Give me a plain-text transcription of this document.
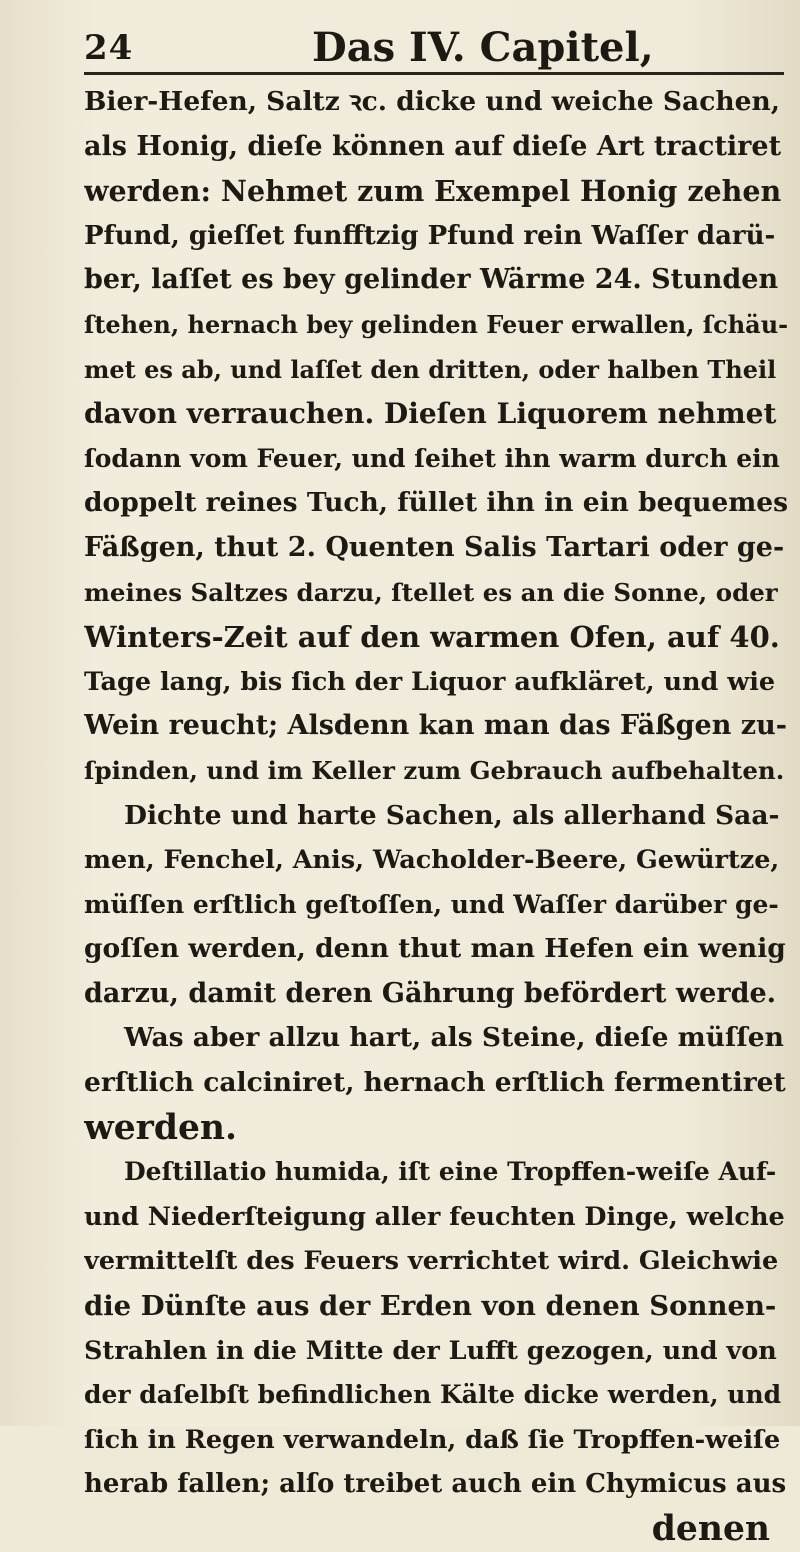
24	Das IV. Capitel,
Bier-Hefen, Saltz ꝛc. dicke und weiche Sachen,
als Honig, dieſe können auf dieſe Art tractiret
werden: Nehmet zum Exempel Honig zehen
Pfund, gieſſet funfftzig Pfund rein Waſſer darü-
ber, laſſet es bey gelinder Wärme 24. Stunden
ſtehen, hernach bey gelinden Feuer erwallen, ſchäu-
met es ab, und laſſet den dritten, oder halben Theil
davon verrauchen. Dieſen Liquorem nehmet
ſodann vom Feuer, und ſeihet ihn warm durch ein
doppelt reines Tuch, füllet ihn in ein bequemes
Fäßgen, thut 2. Quenten Salis Tartari oder ge-
meines Saltzes darzu, ſtellet es an die Sonne, oder
Winters-Zeit auf den warmen Ofen, auf 40.
Tage lang, bis ſich der Liquor aufkläret, und wie
Wein reucht; Alsdenn kan man das Fäßgen zu-
ſpinden, und im Keller zum Gebrauch aufbehalten.
Dichte und harte Sachen, als allerhand Saa-
men, Fenchel, Anis, Wacholder-Beere, Gewürtze,
müſſen erſtlich geſtoſſen, und Waſſer darüber ge-
goſſen werden, denn thut man Hefen ein wenig
darzu, damit deren Gährung befördert werde.
Was aber allzu hart, als Steine, dieſe müſſen
erſtlich calciniret, hernach erſtlich fermentiret
werden.
Deſtillatio humida, iſt eine Tropffen-weiſe Auf-
und Niederſteigung aller feuchten Dinge, welche
vermittelſt des Feuers verrichtet wird. Gleichwie
die Dünſte aus der Erden von denen Sonnen-
Strahlen in die Mitte der Lufft gezogen, und von
der daſelbſt befindlichen Kälte dicke werden, und
ſich in Regen verwandeln, daß ſie Tropffen-weiſe
herab fallen; alſo treibet auch ein Chymicus aus
denen
